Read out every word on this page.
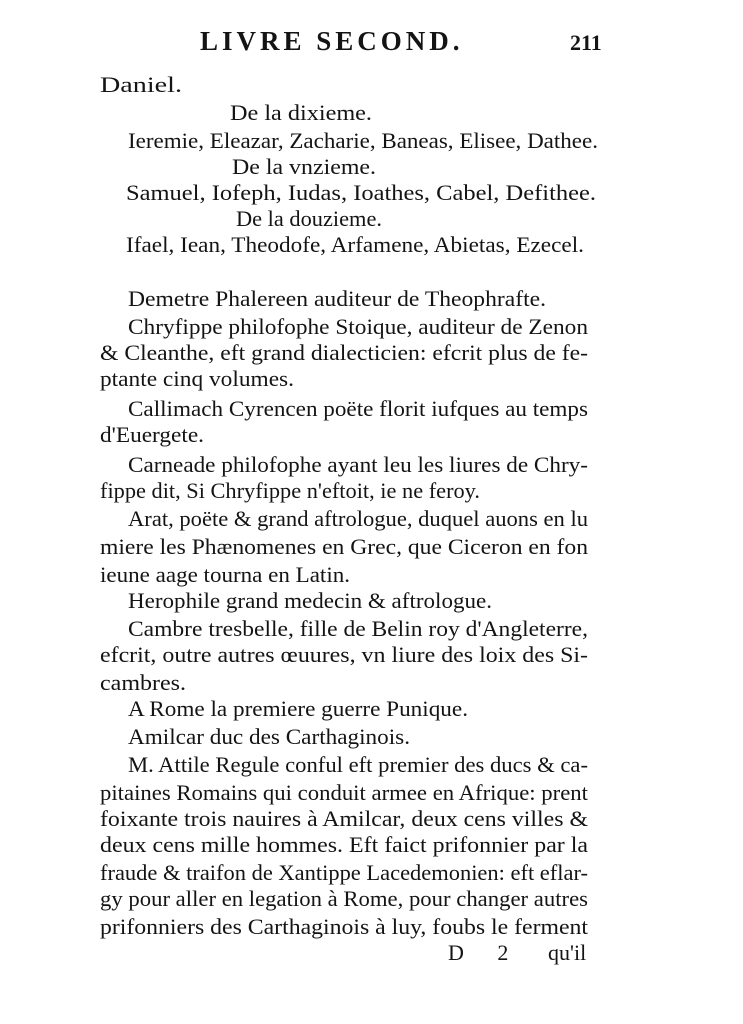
LIVRE SECOND.	211
Daniel.
De la dixieme.
Ieremie, Eleazar, Zacharie, Baneas, Elisee, Dathee.
De la vnzieme.
Samuel, Iofeph, Iudas, Ioathes, Cabel, Defithee.
De la douzieme.
Ifael, Iean, Theodofe, Arfamene, Abietas, Ezecel.
Demetre Phalereen auditeur de Theophrafte.
Chryfippe philofophe Stoique, auditeur de Zenon
& Cleanthe, eft grand dialecticien: efcrit plus de fe-
ptante cinq volumes.
Callimach Cyrencen poëte florit iufques au temps
d'Euergete.
Carneade philofophe ayant leu les liures de Chry-
fippe dit, Si Chryfippe n'eftoit, ie ne feroy.
Arat, poëte & grand aftrologue, duquel auons en lu
miere les Phænomenes en Grec, que Ciceron en fon
ieune aage tourna en Latin.
Herophile grand medecin & aftrologue.
Cambre tresbelle, fille de Belin roy d'Angleterre,
efcrit, outre autres œuures, vn liure des loix des Si-
cambres.
A Rome la premiere guerre Punique.
Amilcar duc des Carthaginois.
M. Attile Regule conful eft premier des ducs & ca-
pitaines Romains qui conduit armee en Afrique: prent
foixante trois nauires à Amilcar, deux cens villes &
deux cens mille hommes. Eft faict prifonnier par la
fraude & traifon de Xantippe Lacedemonien: eft eflar-
gy pour aller en legation à Rome, pour changer autres
prifonniers des Carthaginois à luy, foubs le ferment
D 2 qu'il
